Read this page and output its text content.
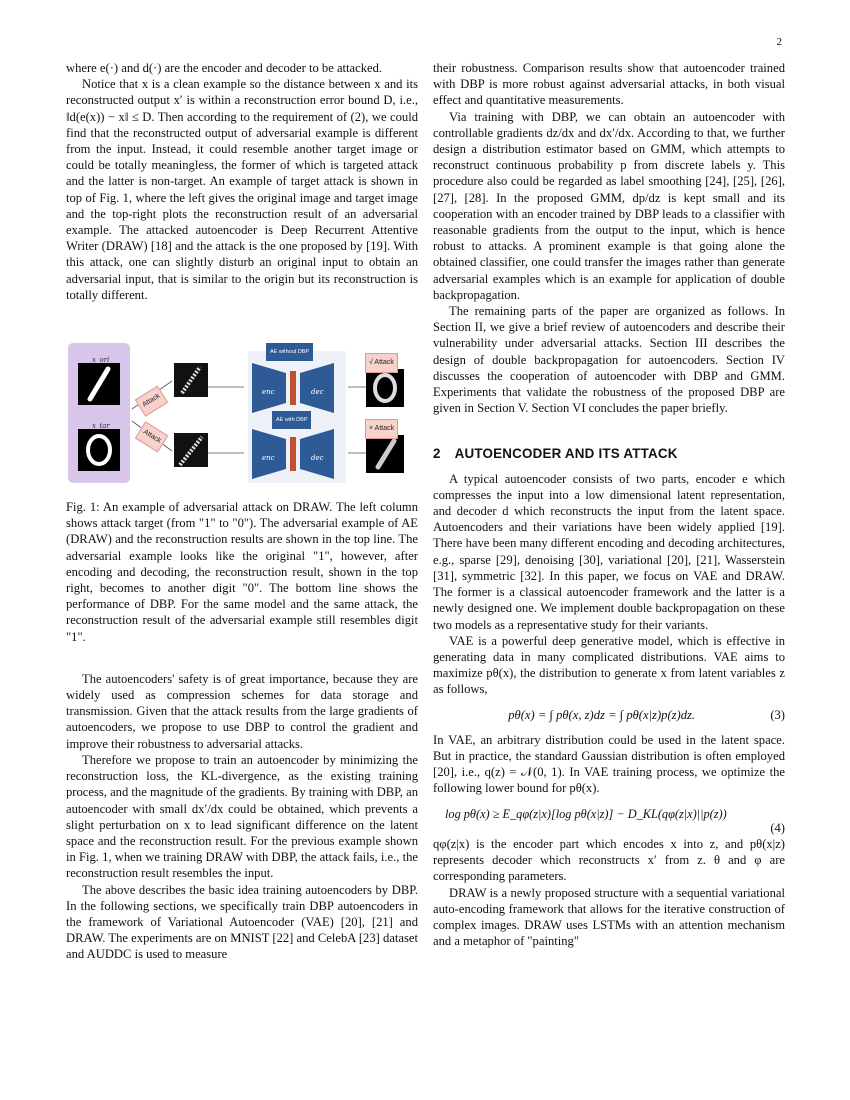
2

where e(·) and d(·) are the encoder and decoder to be attacked.

Notice that x is a clean example so the distance between x and its reconstructed output x′ is within a reconstruction error bound D, i.e., ‖d(e(x)) − x‖ ≤ D. Then according to the requirement of (2), we could find that the reconstructed output of adversarial example is different from the input. Instead, it could resemble another target image or could be totally meaningless, the former of which is targeted attack and the latter is non-target. An example of target attack is shown in top of Fig. 1, where the left gives the original image and target image and the top-right plots the reconstruction result of an adversarial example. The attacked autoencoder is Deep Recurrent Attentive Writer (DRAW) [18] and the attack is the one proposed by [19]. With this attack, one can slightly disturb an original input to obtain an adversarial input, that is similar to the origin but its reconstruction is totally different.

x_ori
x_tar
Attack
Attack
AE without DBP
AE with DBP
enc	dec
enc	dec
√ Attack
× Attack

Fig. 1: An example of adversarial attack on DRAW. The left column shows attack target (from "1" to "0"). The adversarial example of AE (DRAW) and the reconstruction results are shown in the top line. The adversarial example looks like the original "1", however, after encoding and decoding, the reconstruction result, shown in the top right, becomes to another digit "0". The bottom line shows the performance of DBP. For the same model and the same attack, the reconstruction result of the adversarial example still resembles digit "1".

The autoencoders' safety is of great importance, because they are widely used as compression schemes for data storage and transmission. Given that the attack results from the large gradients of autoencoders, we propose to use DBP to control the gradient and improve their robustness to adversarial attacks.

Therefore we propose to train an autoencoder by minimizing the reconstruction loss, the KL-divergence, as the existing training process, and the magnitude of the gradients. By training with DBP, an autoencoder with small dx′/dx could be obtained, which prevents a slight perturbation on x to lead significant difference on the latent space and the reconstruction result. For the previous example shown in Fig. 1, when we training DRAW with DBP, the attack fails, i.e., the reconstruction result resembles the input.

The above describes the basic idea training autoencoders by DBP. In the following sections, we specifically train DBP autoencoders in the framework of Variational Autoencoder (VAE) [20], [21] and DRAW. The experiments are on MNIST [22] and CelebA [23] dataset and AUDDC is used to measure

their robustness. Comparison results show that autoencoder trained with DBP is more robust against adversarial attacks, in both visual effect and quantitative measurements.

Via training with DBP, we can obtain an autoencoder with controllable gradients dz/dx and dx′/dx. According to that, we further design a distribution estimator based on GMM, which attempts to reconstruct continuous probability p from discrete labels y. This procedure also could be regarded as label smoothing [24], [25], [26], [27], [28]. In the proposed GMM, dp/dz is kept small and its cooperation with an encoder trained by DBP leads to a classifier with reasonable gradients from the output to the input, which is hence robust to attacks. A prominent example is that going alone the obtained classifier, one could transfer the images rather than generate adversarial examples which is an example for application of double backpropagation.

The remaining parts of the paper are organized as follows. In Section II, we give a brief review of autoencoders and describe their vulnerability under adversarial attacks. Section III describes the design of double backpropagation for autoencoders. Section IV discusses the cooperation of autoencoder with DBP and GMM. Experiments that validate the robustness of the proposed DBP are given in Section V. Section VI concludes the paper briefly.

2 AUTOENCODER AND ITS ATTACK

A typical autoencoder consists of two parts, encoder e which compresses the input into a low dimensional latent representation, and decoder d which reconstructs the input from the latent space. Autoencoders and their variations have been widely applied [19]. There have been many different encoding and decoding architectures, e.g., sparse [29], denoising [30], variational [20], [21], Wasserstein [31], symmetric [32]. In this paper, we focus on VAE and DRAW. The former is a classical autoencoder framework and the latter is a newly designed one. We implement double backpropagation on these two models as a representative study for their variants.

VAE is a powerful deep generative model, which is effective in generating data in many complicated distributions. VAE aims to maximize pθ(x), the distribution to generate x from latent variables z as follows,

pθ(x) = ∫ pθ(x, z)dz = ∫ pθ(x|z)p(z)dz.	(3)

In VAE, an arbitrary distribution could be used in the latent space. But in practice, the standard Gaussian distribution is often employed [20], i.e., q(z) = 𝒩(0, 1). In VAE training process, we optimize the following lower bound for pθ(x).

log pθ(x) ≥ E_qφ(z|x)[log pθ(x|z)] − D_KL(qφ(z|x)||p(z))
(4)

qφ(z|x) is the encoder part which encodes x into z, and pθ(x|z) represents decoder which reconstructs x′ from z. θ and φ are corresponding parameters.

DRAW is a newly proposed structure with a sequential variational auto-encoding framework that allows for the iterative construction of complex images. DRAW uses LSTMs with an attention mechanism and a metaphor of "painting"
